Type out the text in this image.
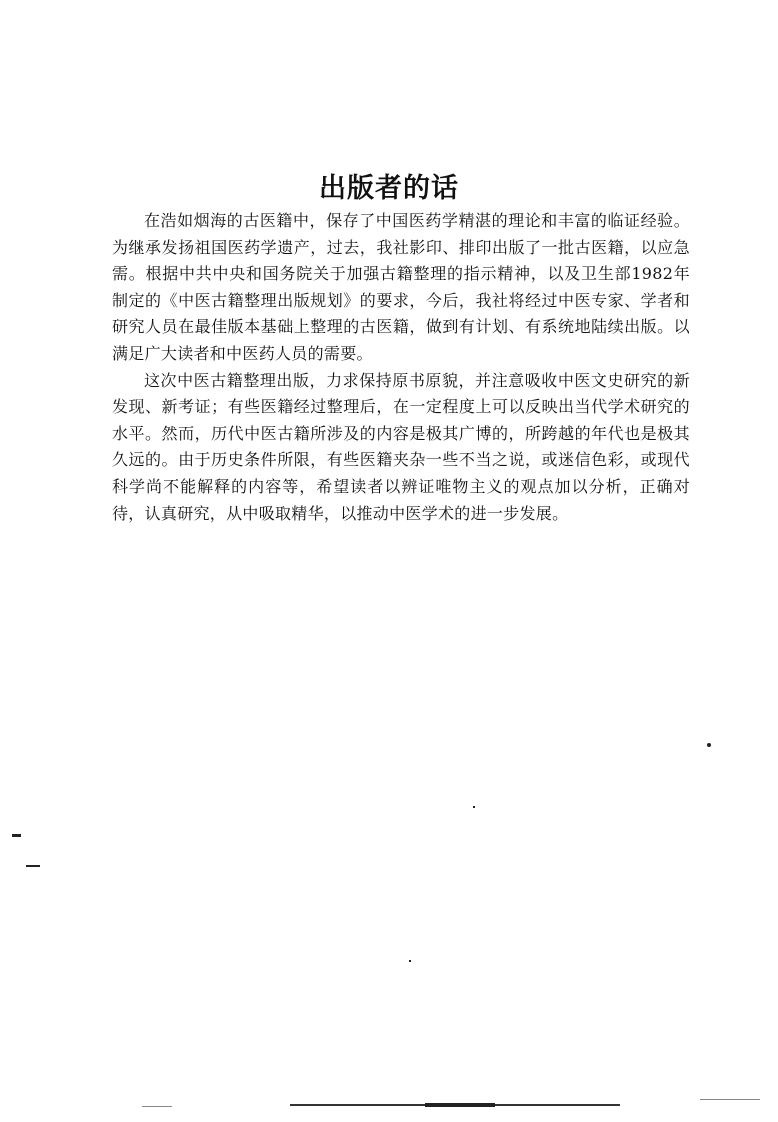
出版者的话

在浩如烟海的古医籍中，保存了中国医药学精湛的理论和丰富的临证经验。为继承发扬祖国医药学遗产，过去，我社影印、排印出版了一批古医籍，以应急需。根据中共中央和国务院关于加强古籍整理的指示精神，以及卫生部1982年制定的《中医古籍整理出版规划》的要求，今后，我社将经过中医专家、学者和研究人员在最佳版本基础上整理的古医籍，做到有计划、有系统地陆续出版。以满足广大读者和中医药人员的需要。

这次中医古籍整理出版，力求保持原书原貌，并注意吸收中医文史研究的新发现、新考证；有些医籍经过整理后，在一定程度上可以反映出当代学术研究的水平。然而，历代中医古籍所涉及的内容是极其广博的，所跨越的年代也是极其久远的。由于历史条件所限，有些医籍夹杂一些不当之说，或迷信色彩，或现代科学尚不能解释的内容等，希望读者以辨证唯物主义的观点加以分析，正确对待，认真研究，从中吸取精华，以推动中医学术的进一步发展。
